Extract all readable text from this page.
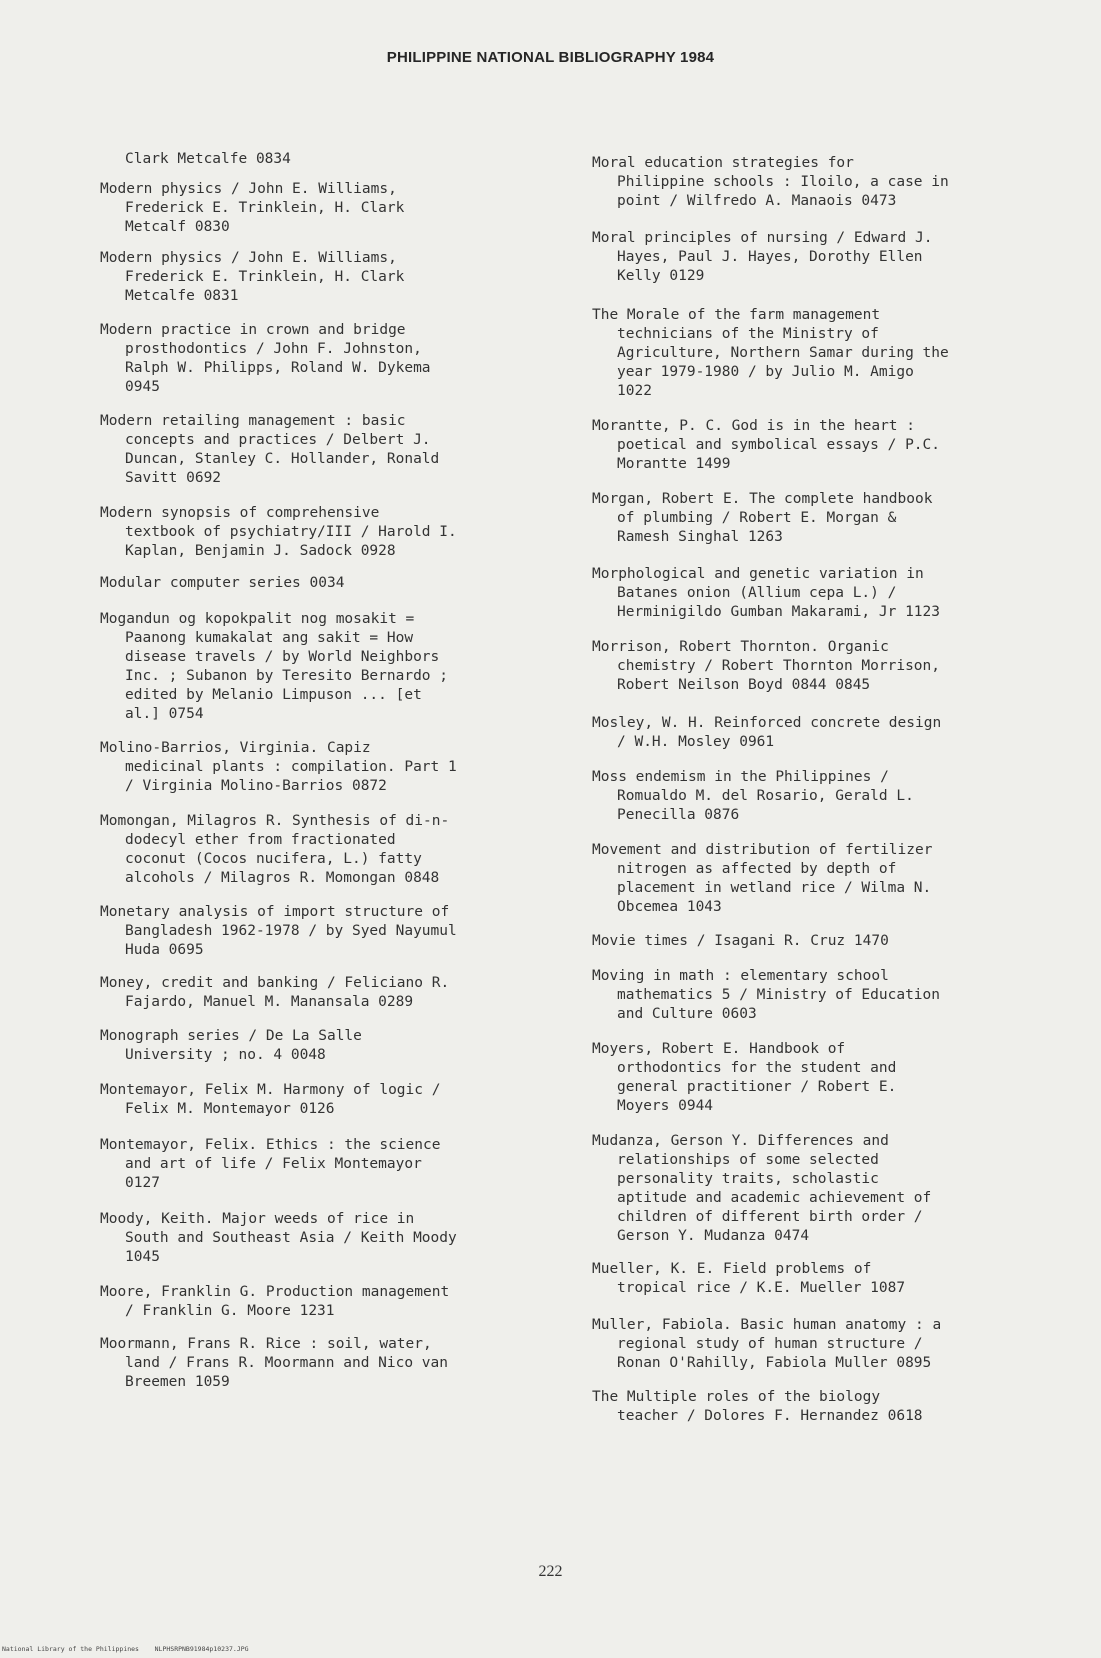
PHILIPPINE NATIONAL BIBLIOGRAPHY 1984
Clark Metcalfe 0834
Modern physics / John E. Williams,
Frederick E. Trinklein, H. Clark
Metcalf 0830
Modern physics / John E. Williams,
Frederick E. Trinklein, H. Clark
Metcalfe 0831
Modern practice in crown and bridge
prosthodontics / John F. Johnston,
Ralph W. Philipps, Roland W. Dykema
0945
Modern retailing management : basic
concepts and practices / Delbert J.
Duncan, Stanley C. Hollander, Ronald
Savitt 0692
Modern synopsis of comprehensive
textbook of psychiatry/III / Harold I.
Kaplan, Benjamin J. Sadock 0928
Modular computer series 0034
Mogandun og kopokpalit nog mosakit =
Paanong kumakalat ang sakit = How
disease travels / by World Neighbors
Inc. ; Subanon by Teresito Bernardo ;
edited by Melanio Limpuson ... [et
al.] 0754
Molino-Barrios, Virginia. Capiz
medicinal plants : compilation. Part 1
/ Virginia Molino-Barrios 0872
Momongan, Milagros R. Synthesis of di-n-
dodecyl ether from fractionated
coconut (Cocos nucifera, L.) fatty
alcohols / Milagros R. Momongan 0848
Monetary analysis of import structure of
Bangladesh 1962-1978 / by Syed Nayumul
Huda 0695
Money, credit and banking / Feliciano R.
Fajardo, Manuel M. Manansala 0289
Monograph series / De La Salle
University ; no. 4 0048
Montemayor, Felix M. Harmony of logic /
Felix M. Montemayor 0126
Montemayor, Felix. Ethics : the science
and art of life / Felix Montemayor
0127
Moody, Keith. Major weeds of rice in
South and Southeast Asia / Keith Moody
1045
Moore, Franklin G. Production management
/ Franklin G. Moore 1231
Moormann, Frans R. Rice : soil, water,
land / Frans R. Moormann and Nico van
Breemen 1059
Moral education strategies for
Philippine schools : Iloilo, a case in
point / Wilfredo A. Manaois 0473
Moral principles of nursing / Edward J.
Hayes, Paul J. Hayes, Dorothy Ellen
Kelly 0129
The Morale of the farm management
technicians of the Ministry of
Agriculture, Northern Samar during the
year 1979-1980 / by Julio M. Amigo
1022
Morantte, P. C. God is in the heart :
poetical and symbolical essays / P.C.
Morantte 1499
Morgan, Robert E. The complete handbook
of plumbing / Robert E. Morgan &
Ramesh Singhal 1263
Morphological and genetic variation in
Batanes onion (Allium cepa L.) /
Herminigildo Gumban Makarami, Jr 1123
Morrison, Robert Thornton. Organic
chemistry / Robert Thornton Morrison,
Robert Neilson Boyd 0844 0845
Mosley, W. H. Reinforced concrete design
/ W.H. Mosley 0961
Moss endemism in the Philippines /
Romualdo M. del Rosario, Gerald L.
Penecilla 0876
Movement and distribution of fertilizer
nitrogen as affected by depth of
placement in wetland rice / Wilma N.
Obcemea 1043
Movie times / Isagani R. Cruz 1470
Moving in math : elementary school
mathematics 5 / Ministry of Education
and Culture 0603
Moyers, Robert E. Handbook of
orthodontics for the student and
general practitioner / Robert E.
Moyers 0944
Mudanza, Gerson Y. Differences and
relationships of some selected
personality traits, scholastic
aptitude and academic achievement of
children of different birth order /
Gerson Y. Mudanza 0474
Mueller, K. E. Field problems of
tropical rice / K.E. Mueller 1087
Muller, Fabiola. Basic human anatomy : a
regional study of human structure /
Ronan O'Rahilly, Fabiola Muller 0895
The Multiple roles of the biology
teacher / Dolores F. Hernandez 0618
222
National Library of the Philippines NLPHSRPNB91984p10237.JPG
